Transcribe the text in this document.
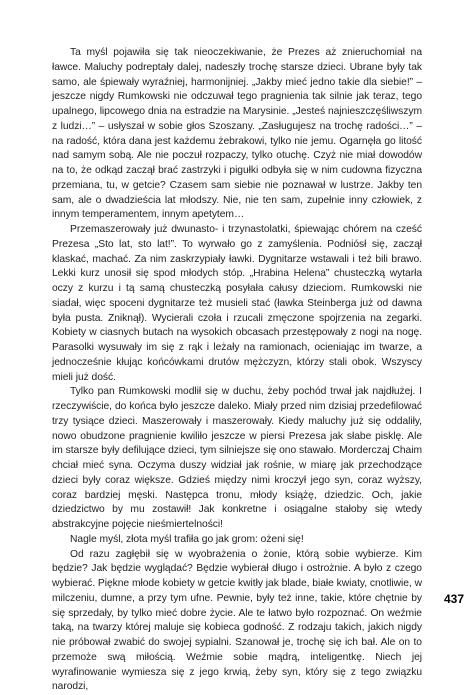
Ta myśl pojawiła się tak nieoczekiwanie, że Prezes aż znieruchomiał na ławce. Maluchy podreptały dalej, nadeszły trochę starsze dzieci. Ubrane były tak samo, ale śpiewały wyraźniej, harmonijniej. „Jakby mieć jedno takie dla siebie!” – jeszcze nigdy Rumkowski nie odczuwał tego pragnienia tak silnie jak teraz, tego upalnego, lipcowego dnia na estradzie na Marysinie. „Jesteś najnieszczęśliwszym z ludzi…” – usłyszał w sobie głos Szoszany. „Zasługujesz na trochę radości…” – na radość, która dana jest każdemu żebrakowi, tylko nie jemu. Ogarnęła go litość nad samym sobą. Ale nie poczuł rozpaczy, tylko otuchę. Czyż nie miał dowodów na to, że odkąd zaczął brać zastrzyki i pigułki odbyła się w nim cudowna fizyczna przemiana, tu, w getcie? Czasem sam siebie nie poznawał w lustrze. Jakby ten sam, ale o dwadzieścia lat młodszy. Nie, nie ten sam, zupełnie inny człowiek, z innym temperamentem, innym apetytem…

Przemaszerowały już dwunasto- i trzynastolatki, śpiewając chórem na cześć Prezesa „Sto lat, sto lat!”. To wyrwało go z zamyślenia. Podniósł się, zaczął klaskać, machać. Za nim zaskrzypiały ławki. Dygnitarze wstawali i też bili brawo. Lekki kurz unosił się spod młodych stóp. „Hrabina Helena” chusteczką wytarła oczy z kurzu i tą samą chusteczką posyłała całusy dzieciom. Rumkowski nie siadał, więc spoceni dygnitarze też musieli stać (ławka Steinberga już od dawna była pusta. Zniknął). Wycierali czoła i rzucali zmęczone spojrzenia na zegarki. Kobiety w ciasnych butach na wysokich obcasach przestępowały z nogi na nogę. Parasolki wysuwały im się z rąk i leżały na ramionach, ocieniając im twarze, a jednocześnie kłując końcówkami drutów mężczyzn, którzy stali obok. Wszyscy mieli już dość.

Tylko pan Rumkowski modlił się w duchu, żeby pochód trwał jak najdłużej. I rzeczywiście, do końca było jeszcze daleko. Miały przed nim dzisiaj przedefilować trzy tysiące dzieci. Maszerowały i maszerowały. Kiedy maluchy już się oddaliły, nowo obudzone pragnienie kwiliło jeszcze w piersi Prezesa jak słabe pisklę. Ale im starsze były defilujące dzieci, tym silniejsze się ono stawało. Morderczaj Chaim chciał mieć syna. Oczyma duszy widział jak rośnie, w miarę jak przechodzące dzieci były coraz większe. Gdzieś między nimi kroczył jego syn, coraz wyższy, coraz bardziej męski. Następca tronu, młody książę, dziedzic. Och, jakie dziedzictwo by mu zostawił! Jak konkretne i osiągalne stałoby się wtedy abstrakcyjne pojęcie nieśmiertelności!

Nagle myśl, złota myśl trafiła go jak grom: ożeni się!

Od razu zagłębił się w wyobrażenia o żonie, którą sobie wybierze. Kim będzie? Jak będzie wyglądać? Będzie wybierał długo i ostrożnie. A było z czego wybierać. Piękne młode kobiety w getcie kwitły jak blade, białe kwiaty, cnotliwie, w milczeniu, dumne, a przy tym ufne. Pewnie, były też inne, takie, które chętnie by się sprzedały, by tylko mieć dobre życie. Ale te łatwo było rozpoznać. On weźmie taką, na twarzy której maluje się kobieca godność. Z rodzaju takich, jakich nigdy nie próbował zwabić do swojej sypialni. Szanował je, trochę się ich bał. Ale on to przemoże swą miłością. Weźmie sobie mądrą, inteligentkę. Niech jej wyrafinowanie wymiesza się z jego krwią, żeby syn, który się z tego związku narodzi,

437
